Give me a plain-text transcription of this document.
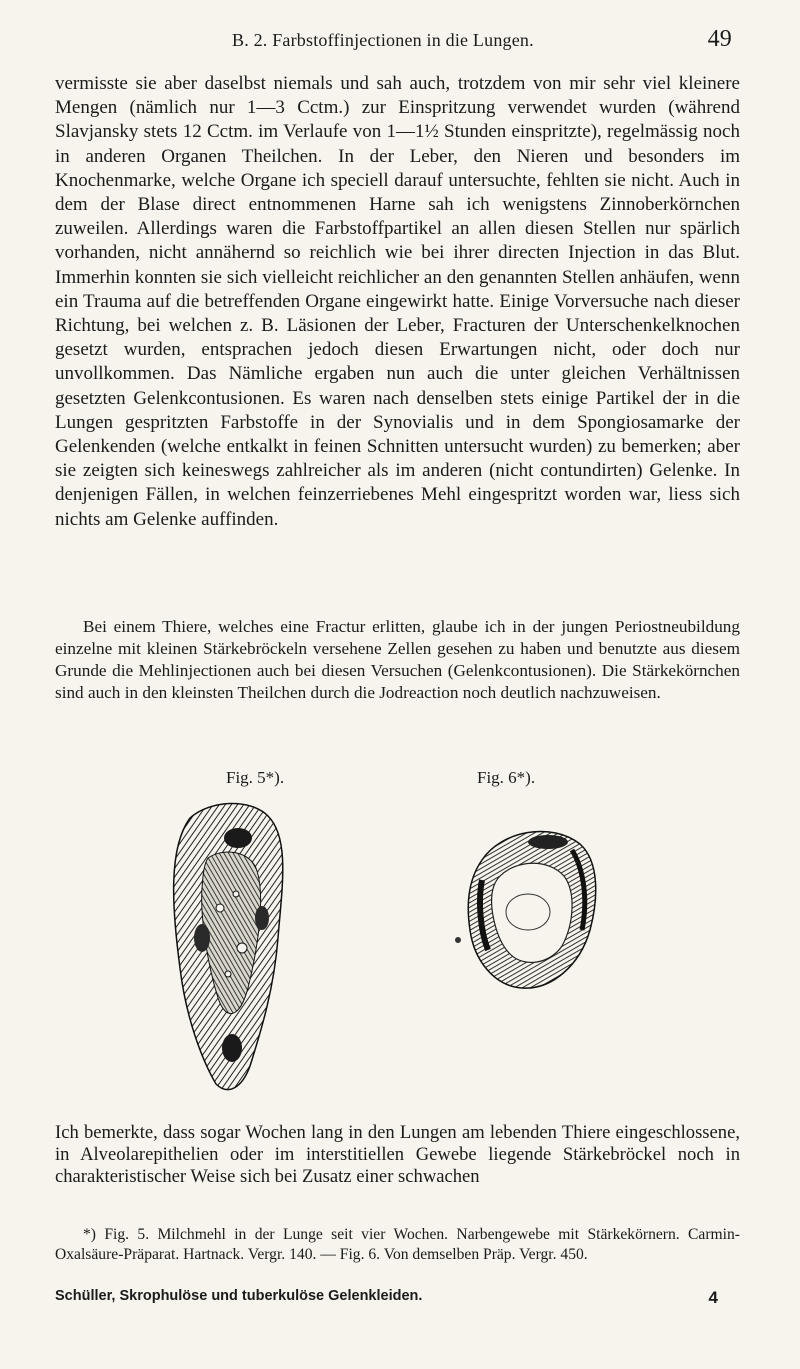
B. 2. Farbstoffinjectionen in die Lungen.	49

vermisste sie aber daselbst niemals und sah auch, trotzdem von mir sehr viel kleinere Mengen (nämlich nur 1—3 Cctm.) zur Einspritzung verwendet wurden (während Slavjansky stets 12 Cctm. im Verlaufe von 1—1½ Stunden einspritzte), regelmässig noch in anderen Organen Theilchen. In der Leber, den Nieren und besonders im Knochenmarke, welche Organe ich speciell darauf untersuchte, fehlten sie nicht. Auch in dem der Blase direct entnommenen Harne sah ich wenigstens Zinnoberkörnchen zuweilen. Allerdings waren die Farbstoffpartikel an allen diesen Stellen nur spärlich vorhanden, nicht annähernd so reichlich wie bei ihrer directen Injection in das Blut. Immerhin konnten sie sich vielleicht reichlicher an den genannten Stellen anhäufen, wenn ein Trauma auf die betreffenden Organe eingewirkt hatte. Einige Vorversuche nach dieser Richtung, bei welchen z. B. Läsionen der Leber, Fracturen der Unterschenkelknochen gesetzt wurden, entsprachen jedoch diesen Erwartungen nicht, oder doch nur unvollkommen. Das Nämliche ergaben nun auch die unter gleichen Verhältnissen gesetzten Gelenkcontusionen. Es waren nach denselben stets einige Partikel der in die Lungen gespritzten Farbstoffe in der Synovialis und in dem Spongiosamarke der Gelenkenden (welche entkalkt in feinen Schnitten untersucht wurden) zu bemerken; aber sie zeigten sich keineswegs zahlreicher als im anderen (nicht contundirten) Gelenke. In denjenigen Fällen, in welchen feinzerriebenes Mehl eingespritzt worden war, liess sich nichts am Gelenke auffinden.

Bei einem Thiere, welches eine Fractur erlitten, glaube ich in der jungen Periostneubildung einzelne mit kleinen Stärkebröckeln versehene Zellen gesehen zu haben und benutzte aus diesem Grunde die Mehlinjectionen auch bei diesen Versuchen (Gelenkcontusionen). Die Stärkekörnchen sind auch in den kleinsten Theilchen durch die Jodreaction noch deutlich nachzuweisen.

Fig. 5*).	Fig. 6*).

Ich bemerkte, dass sogar Wochen lang in den Lungen am lebenden Thiere eingeschlossene, in Alveolarepithelien oder im interstitiellen Gewebe liegende Stärkebröckel noch in charakteristischer Weise sich bei Zusatz einer schwachen

*) Fig. 5. Milchmehl in der Lunge seit vier Wochen. Narbengewebe mit Stärkekörnern. Carmin-Oxalsäure-Präparat. Hartnack. Vergr. 140. — Fig. 6. Von demselben Präp. Vergr. 450.

Schüller, Skrophulöse und tuberkulöse Gelenkleiden.	4
